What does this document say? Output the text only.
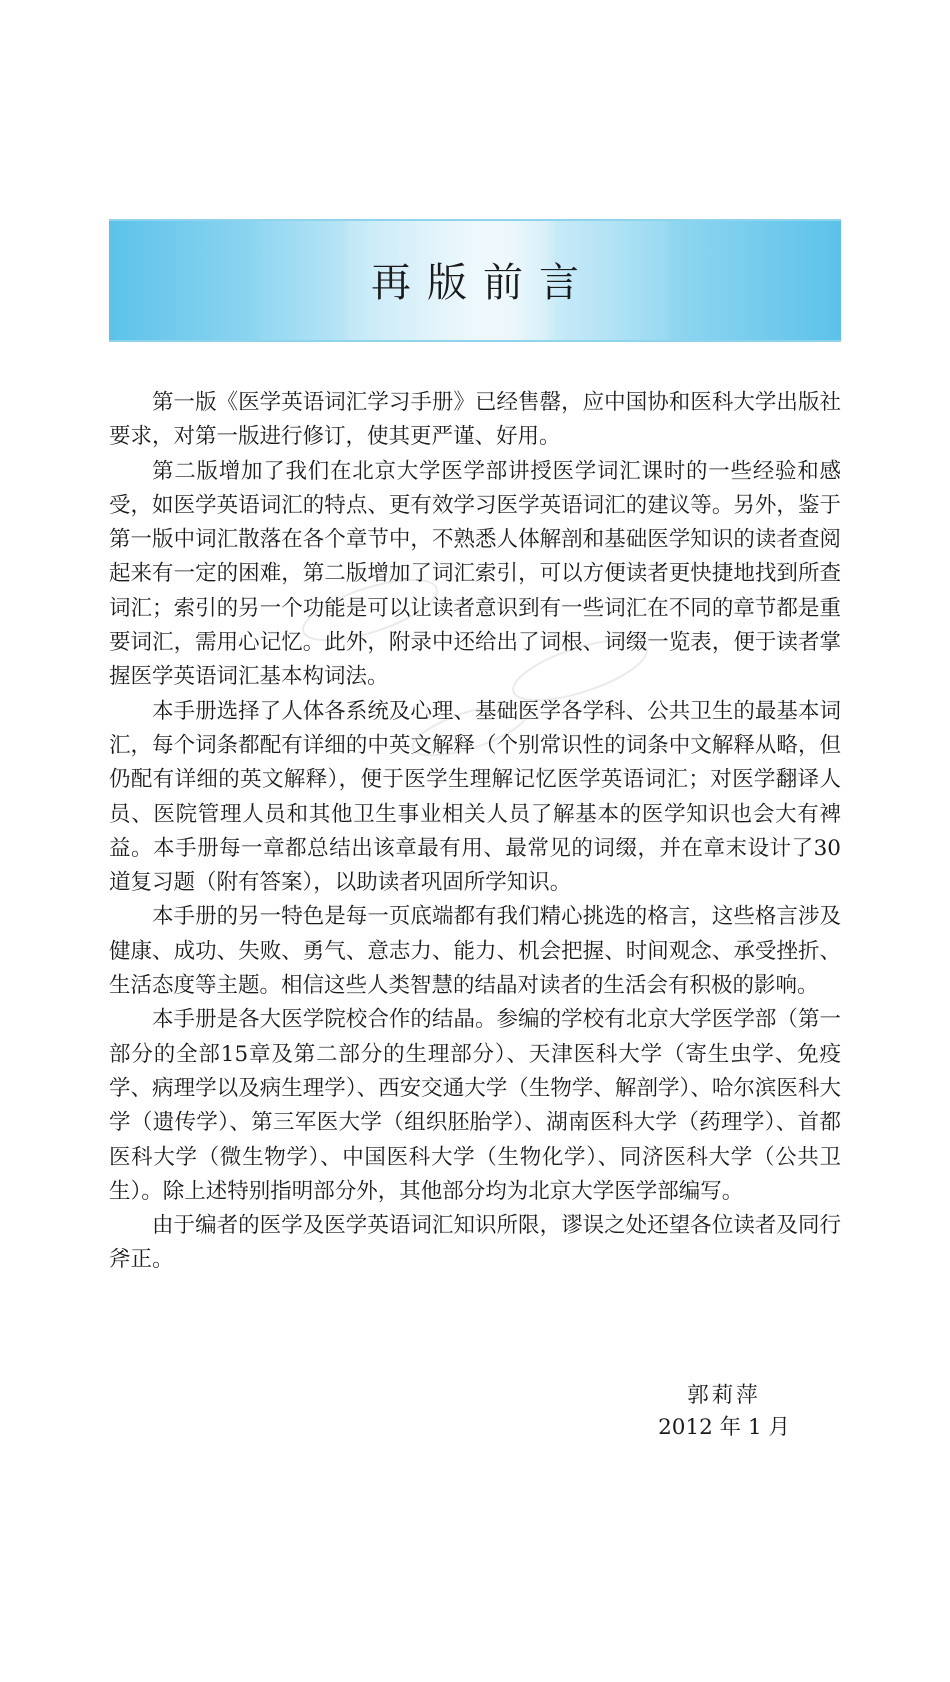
再版前言

第一版《医学英语词汇学习手册》已经售罄，应中国协和医科大学出版社要求，对第一版进行修订，使其更严谨、好用。

第二版增加了我们在北京大学医学部讲授医学词汇课时的一些经验和感受，如医学英语词汇的特点、更有效学习医学英语词汇的建议等。另外，鉴于第一版中词汇散落在各个章节中，不熟悉人体解剖和基础医学知识的读者查阅起来有一定的困难，第二版增加了词汇索引，可以方便读者更快捷地找到所查词汇；索引的另一个功能是可以让读者意识到有一些词汇在不同的章节都是重要词汇，需用心记忆。此外，附录中还给出了词根、词缀一览表，便于读者掌握医学英语词汇基本构词法。

本手册选择了人体各系统及心理、基础医学各学科、公共卫生的最基本词汇，每个词条都配有详细的中英文解释（个别常识性的词条中文解释从略，但仍配有详细的英文解释），便于医学生理解记忆医学英语词汇；对医学翻译人员、医院管理人员和其他卫生事业相关人员了解基本的医学知识也会大有裨益。本手册每一章都总结出该章最有用、最常见的词缀，并在章末设计了30道复习题（附有答案），以助读者巩固所学知识。

本手册的另一特色是每一页底端都有我们精心挑选的格言，这些格言涉及健康、成功、失败、勇气、意志力、能力、机会把握、时间观念、承受挫折、生活态度等主题。相信这些人类智慧的结晶对读者的生活会有积极的影响。

本手册是各大医学院校合作的结晶。参编的学校有北京大学医学部（第一部分的全部15章及第二部分的生理部分）、天津医科大学（寄生虫学、免疫学、病理学以及病生理学）、西安交通大学（生物学、解剖学）、哈尔滨医科大学（遗传学）、第三军医大学（组织胚胎学）、湖南医科大学（药理学）、首都医科大学（微生物学）、中国医科大学（生物化学）、同济医科大学（公共卫生）。除上述特别指明部分外，其他部分均为北京大学医学部编写。

由于编者的医学及医学英语词汇知识所限，谬误之处还望各位读者及同行斧正。

郭莉萍
2012 年 1 月
